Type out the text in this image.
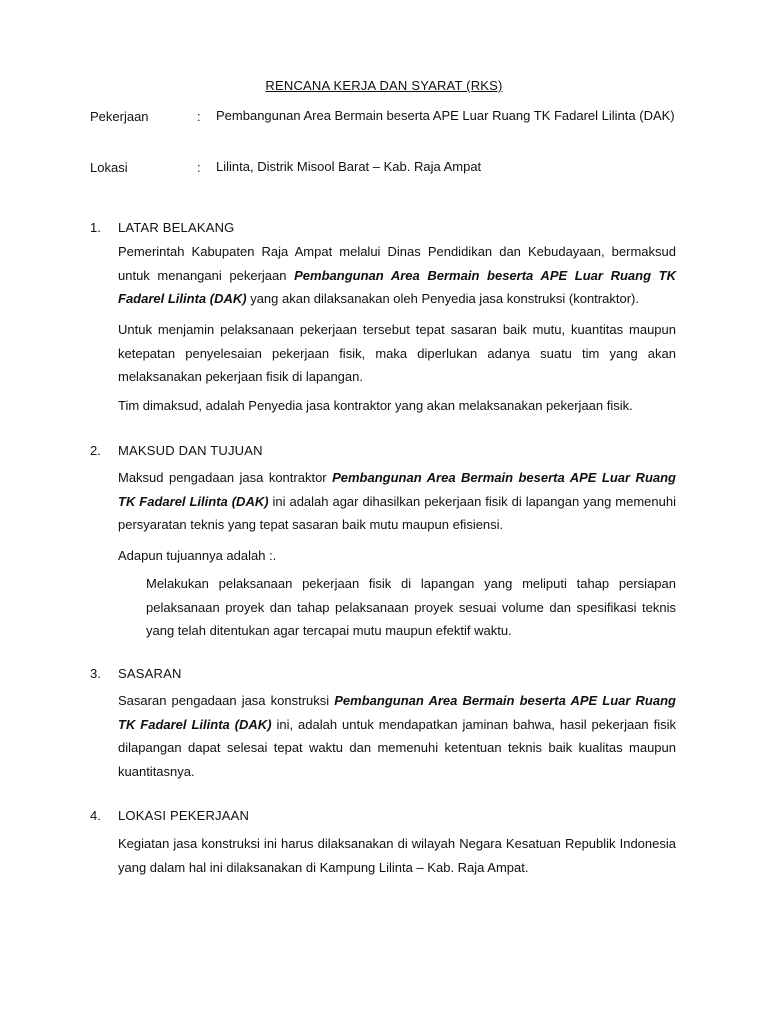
RENCANA KERJA DAN SYARAT (RKS)
Pekerjaan	: Pembangunan Area Bermain beserta APE Luar Ruang TK Fadarel Lilinta (DAK)
Lokasi	: Lilinta, Distrik Misool Barat – Kab. Raja Ampat
1. LATAR BELAKANG

Pemerintah Kabupaten Raja Ampat melalui Dinas Pendidikan dan Kebudayaan, bermaksud untuk menangani pekerjaan Pembangunan Area Bermain beserta APE Luar Ruang TK Fadarel Lilinta (DAK) yang akan dilaksanakan oleh Penyedia jasa konstruksi (kontraktor).

Untuk menjamin pelaksanaan pekerjaan tersebut tepat sasaran baik mutu, kuantitas maupun ketepatan penyelesaian pekerjaan fisik, maka diperlukan adanya suatu tim yang akan melaksanakan pekerjaan fisik di lapangan.

Tim dimaksud, adalah Penyedia jasa kontraktor yang akan melaksanakan pekerjaan fisik.

2. MAKSUD DAN TUJUAN

Maksud pengadaan jasa kontraktor Pembangunan Area Bermain beserta APE Luar Ruang TK Fadarel Lilinta (DAK) ini adalah agar dihasilkan pekerjaan fisik di lapangan yang memenuhi persyaratan teknis yang tepat sasaran baik mutu maupun efisiensi.

Adapun tujuannya adalah :.

Melakukan pelaksanaan pekerjaan fisik di lapangan yang meliputi tahap persiapan pelaksanaan proyek dan tahap pelaksanaan proyek sesuai volume dan spesifikasi teknis yang telah ditentukan agar tercapai mutu maupun efektif waktu.

3. SASARAN

Sasaran pengadaan jasa konstruksi Pembangunan Area Bermain beserta APE Luar Ruang TK Fadarel Lilinta (DAK) ini, adalah untuk mendapatkan jaminan bahwa, hasil pekerjaan fisik dilapangan dapat selesai tepat waktu dan memenuhi ketentuan teknis baik kualitas maupun kuantitasnya.

4. LOKASI PEKERJAAN

Kegiatan jasa konstruksi ini harus dilaksanakan di wilayah Negara Kesatuan Republik Indonesia yang dalam hal ini dilaksanakan di Kampung Lilinta – Kab. Raja Ampat.
